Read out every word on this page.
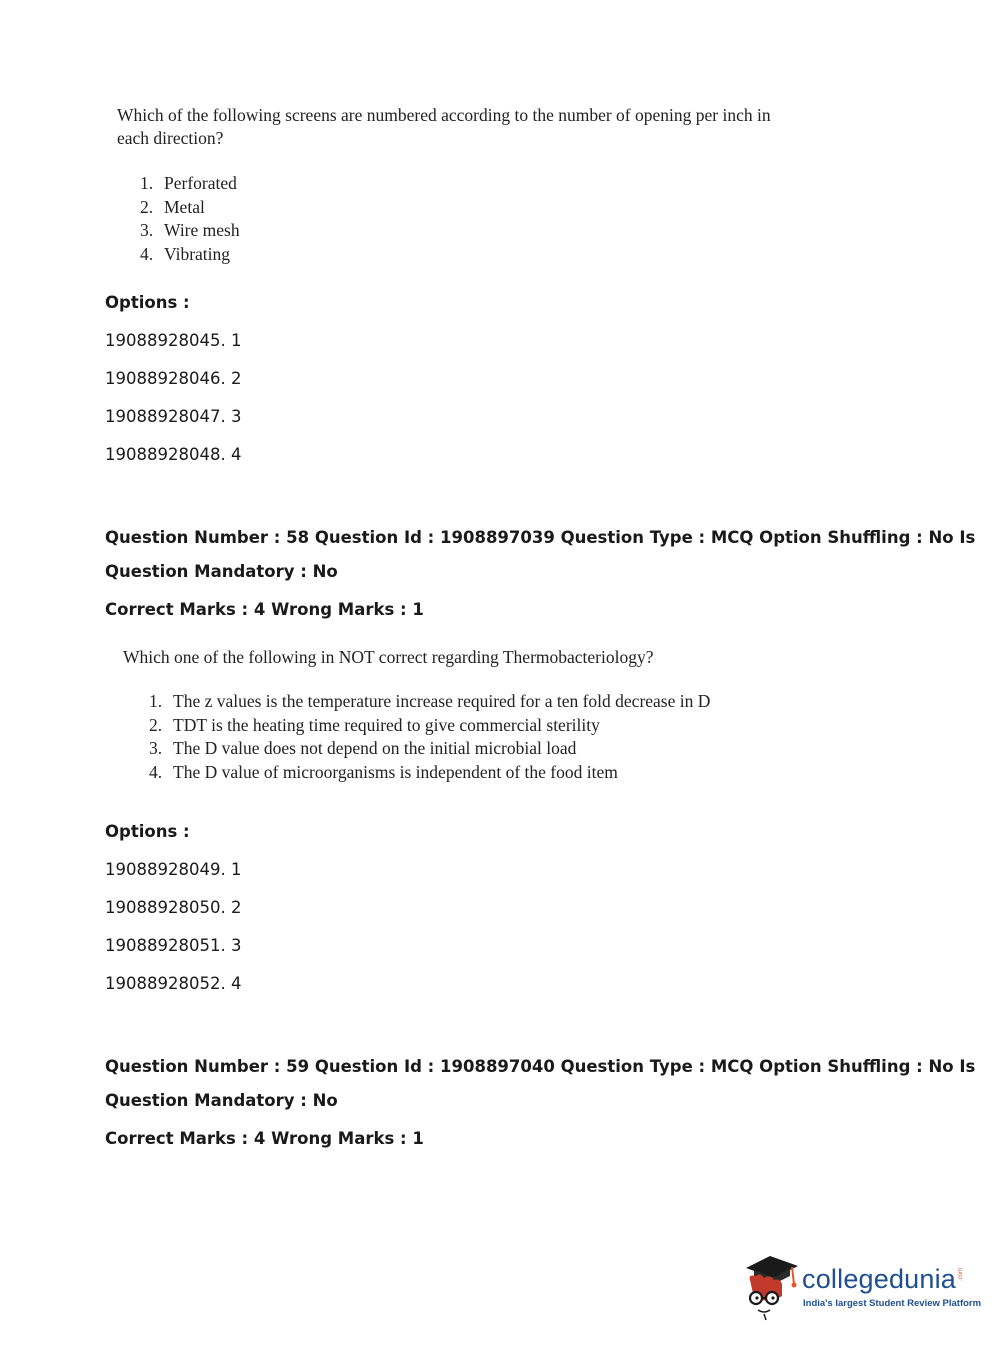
Which of the following screens are numbered according to the number of opening per inch in
each direction?
1. Perforated
2. Metal
3. Wire mesh
4. Vibrating
Options :
19088928045. 1
19088928046. 2
19088928047. 3
19088928048. 4
Question Number : 58 Question Id : 1908897039 Question Type : MCQ Option Shuffling : No Is
Question Mandatory : No
Correct Marks : 4 Wrong Marks : 1
Which one of the following in NOT correct regarding Thermobacteriology?
1. The z values is the temperature increase required for a ten fold decrease in D
2. TDT is the heating time required to give commercial sterility
3. The D value does not depend on the initial microbial load
4. The D value of microorganisms is independent of the food item
Options :
19088928049. 1
19088928050. 2
19088928051. 3
19088928052. 4
Question Number : 59 Question Id : 1908897040 Question Type : MCQ Option Shuffling : No Is
Question Mandatory : No
Correct Marks : 4 Wrong Marks : 1
collegedunia .com
India's largest Student Review Platform
